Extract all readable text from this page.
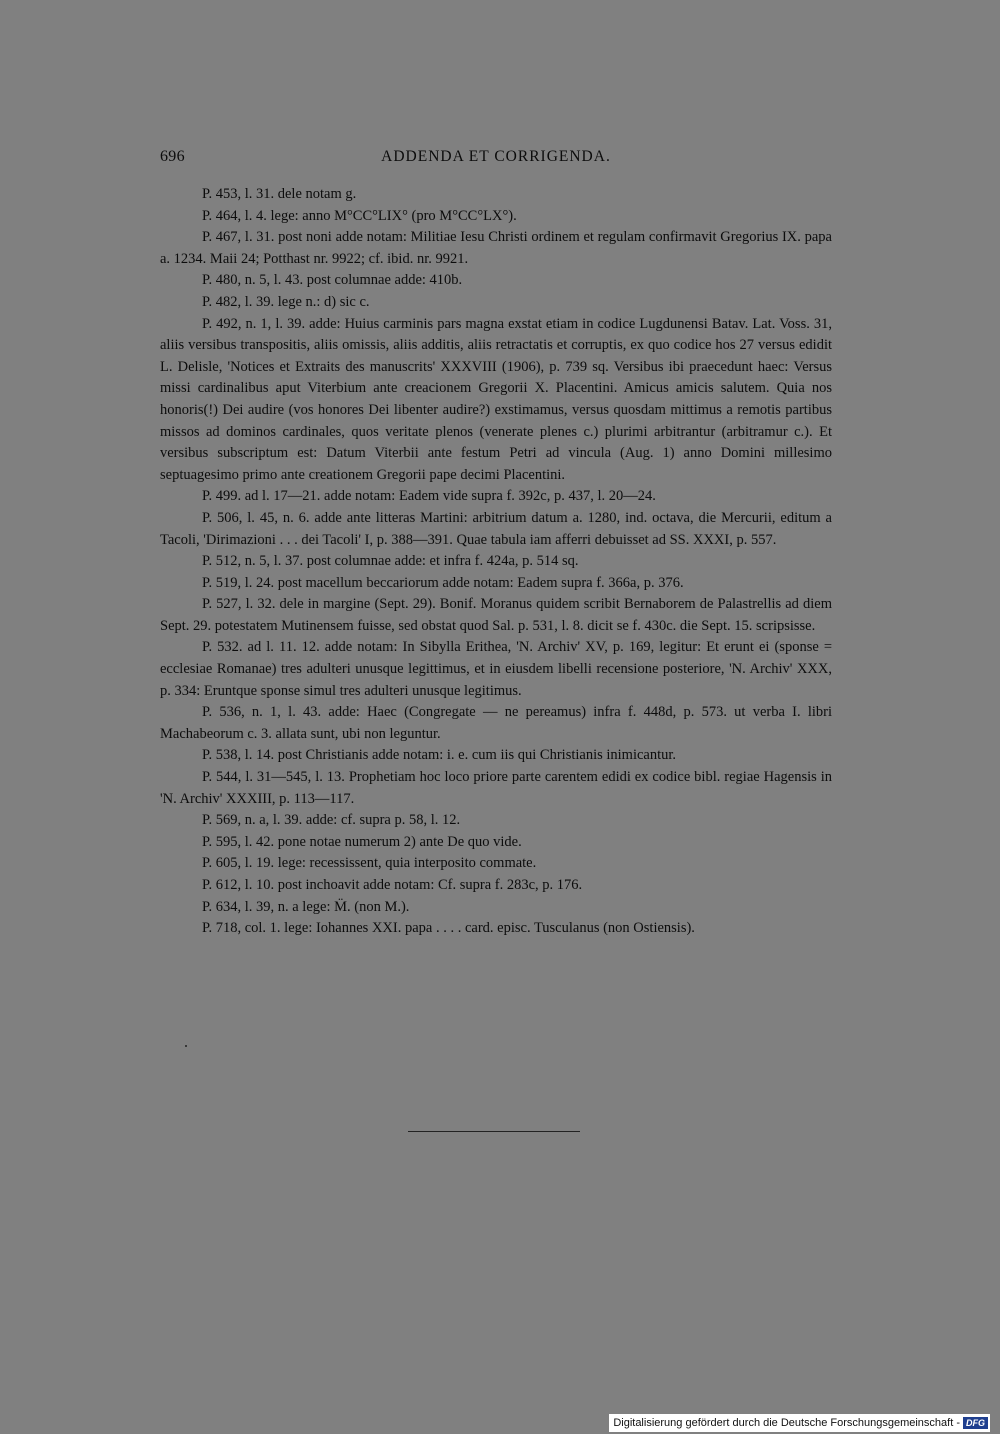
696	ADDENDA ET CORRIGENDA.

P. 453, l. 31. dele notam g.

P. 464, l. 4. lege: anno M°CC°LIX° (pro M°CC°LX°).

P. 467, l. 31. post noni adde notam: Militiae Iesu Christi ordinem et regulam confirmavit Gregorius IX. papa a. 1234. Maii 24; Potthast nr. 9922; cf. ibid. nr. 9921.

P. 480, n. 5, l. 43. post columnae adde: 410b.

P. 482, l. 39. lege n.: d) sic c.

P. 492, n. 1, l. 39. adde: Huius carminis pars magna exstat etiam in codice Lugdunensi Batav. Lat. Voss. 31, aliis versibus transpositis, aliis omissis, aliis additis, aliis retractatis et corruptis, ex quo codice hos 27 versus edidit L. Delisle, 'Notices et Extraits des manuscrits' XXXVIII (1906), p. 739 sq. Versibus ibi praecedunt haec: Versus missi cardinalibus aput Viterbium ante creacionem Gregorii X. Placentini. Amicus amicis salutem. Quia nos honoris(!) Dei audire (vos honores Dei libenter audire?) exstimamus, versus quosdam mittimus a remotis partibus missos ad dominos cardinales, quos veritate plenos (venerate plenes c.) plurimi arbitrantur (arbitramur c.). Et versibus subscriptum est: Datum Viterbii ante festum Petri ad vincula (Aug. 1) anno Domini millesimo septuagesimo primo ante creationem Gregorii pape decimi Placentini.

P. 499. ad l. 17—21. adde notam: Eadem vide supra f. 392c, p. 437, l. 20—24.

P. 506, l. 45, n. 6. adde ante litteras Martini: arbitrium datum a. 1280, ind. octava, die Mercurii, editum a Tacoli, 'Dirimazioni . . . dei Tacoli' I, p. 388—391. Quae tabula iam afferri debuisset ad SS. XXXI, p. 557.

P. 512, n. 5, l. 37. post columnae adde: et infra f. 424a, p. 514 sq.

P. 519, l. 24. post macellum beccariorum adde notam: Eadem supra f. 366a, p. 376.

P. 527, l. 32. dele in margine (Sept. 29). Bonif. Moranus quidem scribit Bernaborem de Palastrellis ad diem Sept. 29. potestatem Mutinensem fuisse, sed obstat quod Sal. p. 531, l. 8. dicit se f. 430c. die Sept. 15. scripsisse.

P. 532. ad l. 11. 12. adde notam: In Sibylla Erithea, 'N. Archiv' XV, p. 169, legitur: Et erunt ei (sponse = ecclesiae Romanae) tres adulteri unusque legittimus, et in eiusdem libelli recensione posteriore, 'N. Archiv' XXX, p. 334: Eruntque sponse simul tres adulteri unusque legitimus.

P. 536, n. 1, l. 43. adde: Haec (Congregate — ne pereamus) infra f. 448d, p. 573. ut verba I. libri Machabeorum c. 3. allata sunt, ubi non leguntur.

P. 538, l. 14. post Christianis adde notam: i. e. cum iis qui Christianis inimicantur.

P. 544, l. 31—545, l. 13. Prophetiam hoc loco priore parte carentem edidi ex codice bibl. regiae Hagensis in 'N. Archiv' XXXIII, p. 113—117.

P. 569, n. a, l. 39. adde: cf. supra p. 58, l. 12.

P. 595, l. 42. pone notae numerum 2) ante De quo vide.

P. 605, l. 19. lege: recessissent, quia interposito commate.

P. 612, l. 10. post inchoavit adde notam: Cf. supra f. 283c, p. 176.

P. 634, l. 39, n. a lege: M̈. (non M.).

P. 718, col. 1. lege: Iohannes XXI. papa . . . . card. episc. Tusculanus (non Ostiensis).

Digitalisierung gefördert durch die Deutsche Forschungsgemeinschaft - DFG
